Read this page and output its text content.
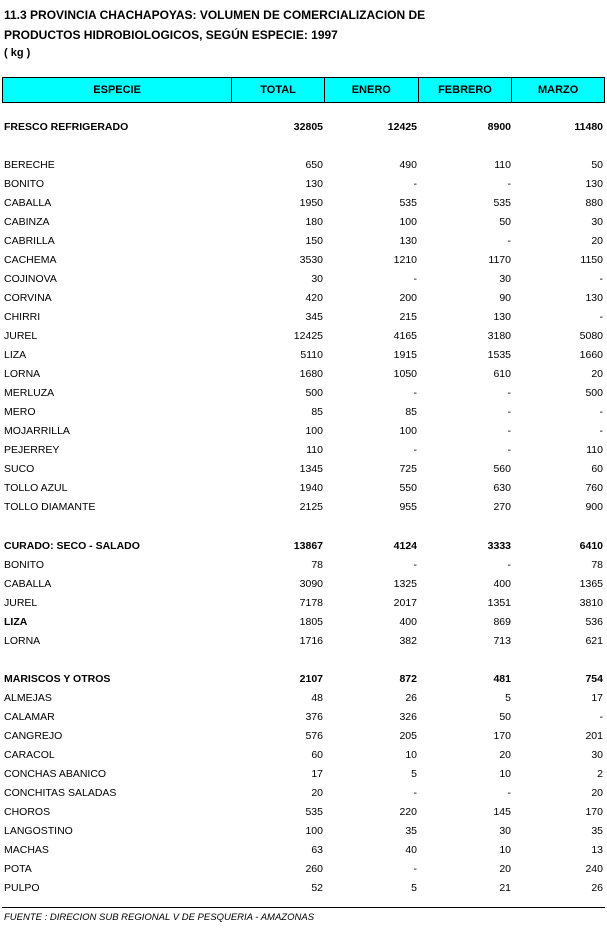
11.3 PROVINCIA CHACHAPOYAS: VOLUMEN DE COMERCIALIZACION DE
PRODUCTOS HIDROBIOLOGICOS, SEGÚN ESPECIE: 1997
( kg )
ESPECIE	TOTAL	ENERO	FEBRERO	MARZO
FRESCO REFRIGERADO	32805	12425	8900	11480
BERECHE	650	490	110	50
BONITO	130	-	-	130
CABALLA	1950	535	535	880
CABINZA	180	100	50	30
CABRILLA	150	130	-	20
CACHEMA	3530	1210	1170	1150
COJINOVA	30	-	30	-
CORVINA	420	200	90	130
CHIRRI	345	215	130	-
JUREL	12425	4165	3180	5080
LIZA	5110	1915	1535	1660
LORNA	1680	1050	610	20
MERLUZA	500	-	-	500
MERO	85	85	-	-
MOJARRILLA	100	100	-	-
PEJERREY	110	-	-	110
SUCO	1345	725	560	60
TOLLO AZUL	1940	550	630	760
TOLLO DIAMANTE	2125	955	270	900
CURADO: SECO - SALADO	13867	4124	3333	6410
BONITO	78	-	-	78
CABALLA	3090	1325	400	1365
JUREL	7178	2017	1351	3810
LIZA	1805	400	869	536
LORNA	1716	382	713	621
MARISCOS Y OTROS	2107	872	481	754
ALMEJAS	48	26	5	17
CALAMAR	376	326	50	-
CANGREJO	576	205	170	201
CARACOL	60	10	20	30
CONCHAS ABANICO	17	5	10	2
CONCHITAS SALADAS	20	-	-	20
CHOROS	535	220	145	170
LANGOSTINO	100	35	30	35
MACHAS	63	40	10	13
POTA	260	-	20	240
PULPO	52	5	21	26
FUENTE : DIRECION SUB REGIONAL V DE PESQUERIA - AMAZONAS
